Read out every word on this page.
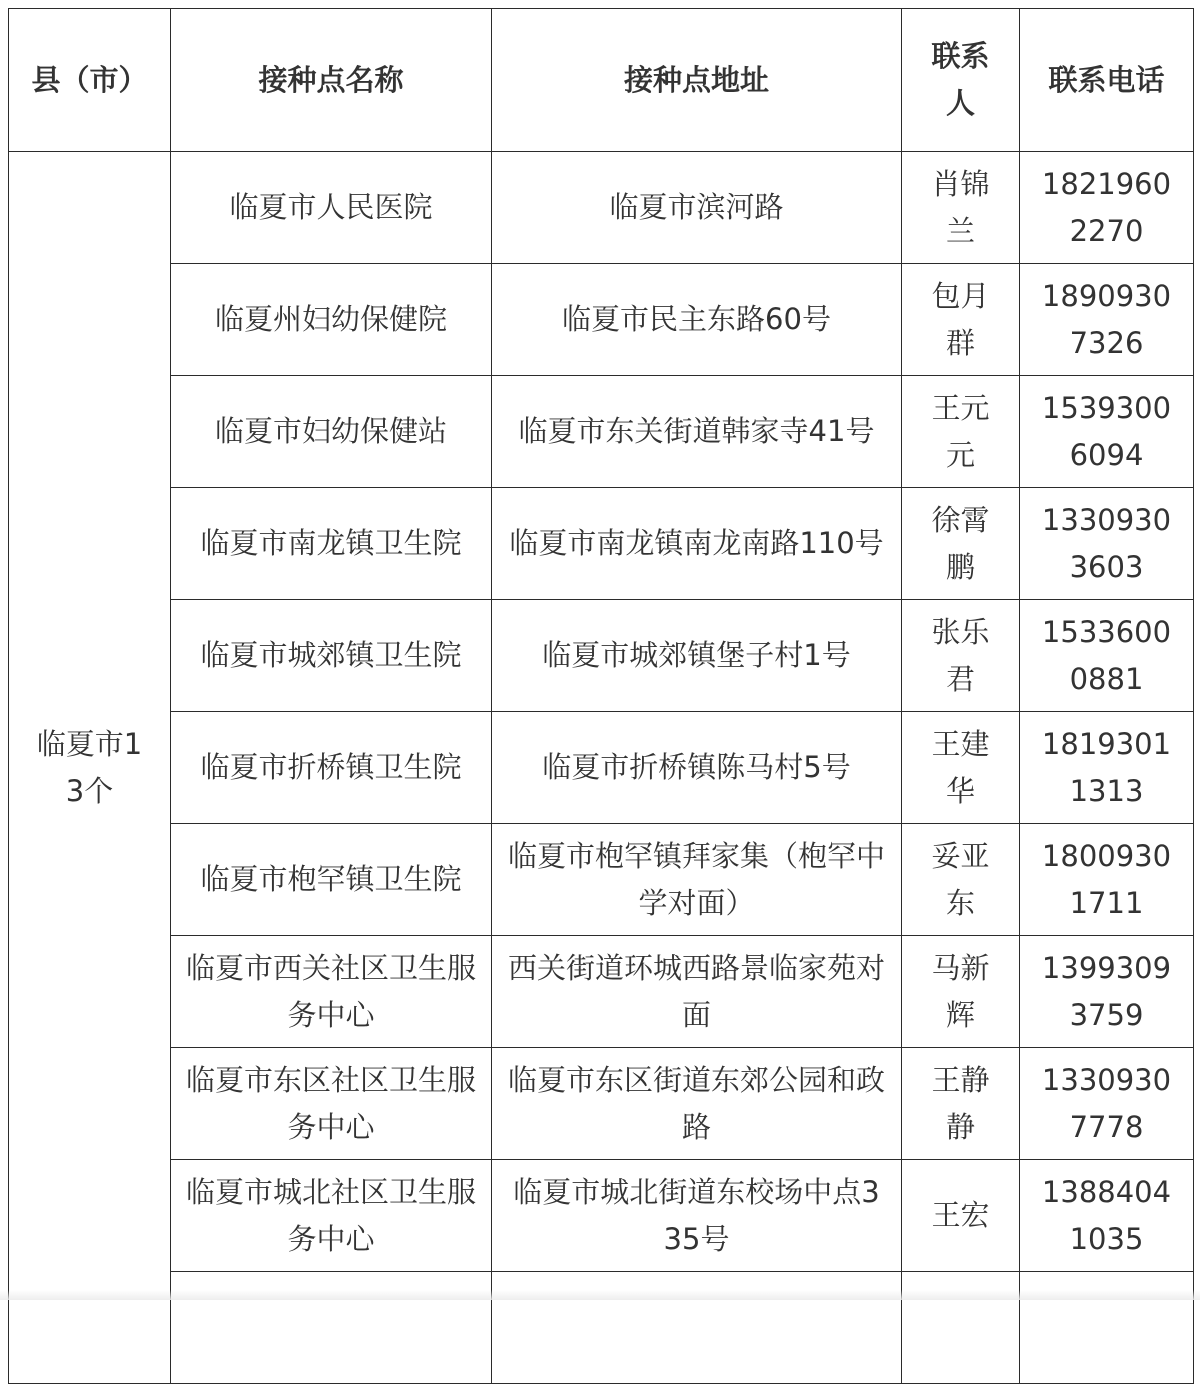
县（市）	接种点名称	接种点地址	联系人	联系电话
临夏市13个	临夏市人民医院	临夏市滨河路	肖锦兰	18219602270
	临夏州妇幼保健院	临夏市民主东路60号	包月群	18909307326
	临夏市妇幼保健站	临夏市东关街道韩家寺41号	王元元	15393006094
	临夏市南龙镇卫生院	临夏市南龙镇南龙南路110号	徐霄鹏	13309303603
	临夏市城郊镇卫生院	临夏市城郊镇堡子村1号	张乐君	15336000881
	临夏市折桥镇卫生院	临夏市折桥镇陈马村5号	王建华	18193011313
	临夏市枹罕镇卫生院	临夏市枹罕镇拜家集（枹罕中学对面）	妥亚东	18009301711
	临夏市西关社区卫生服务中心	西关街道环城西路景临家苑对面	马新辉	13993093759
	临夏市东区社区卫生服务中心	临夏市东区街道东郊公园和政路	王静静	13309307778
	临夏市城北社区卫生服务中心	临夏市城北街道东校场中点335号	王宏	13884041035
